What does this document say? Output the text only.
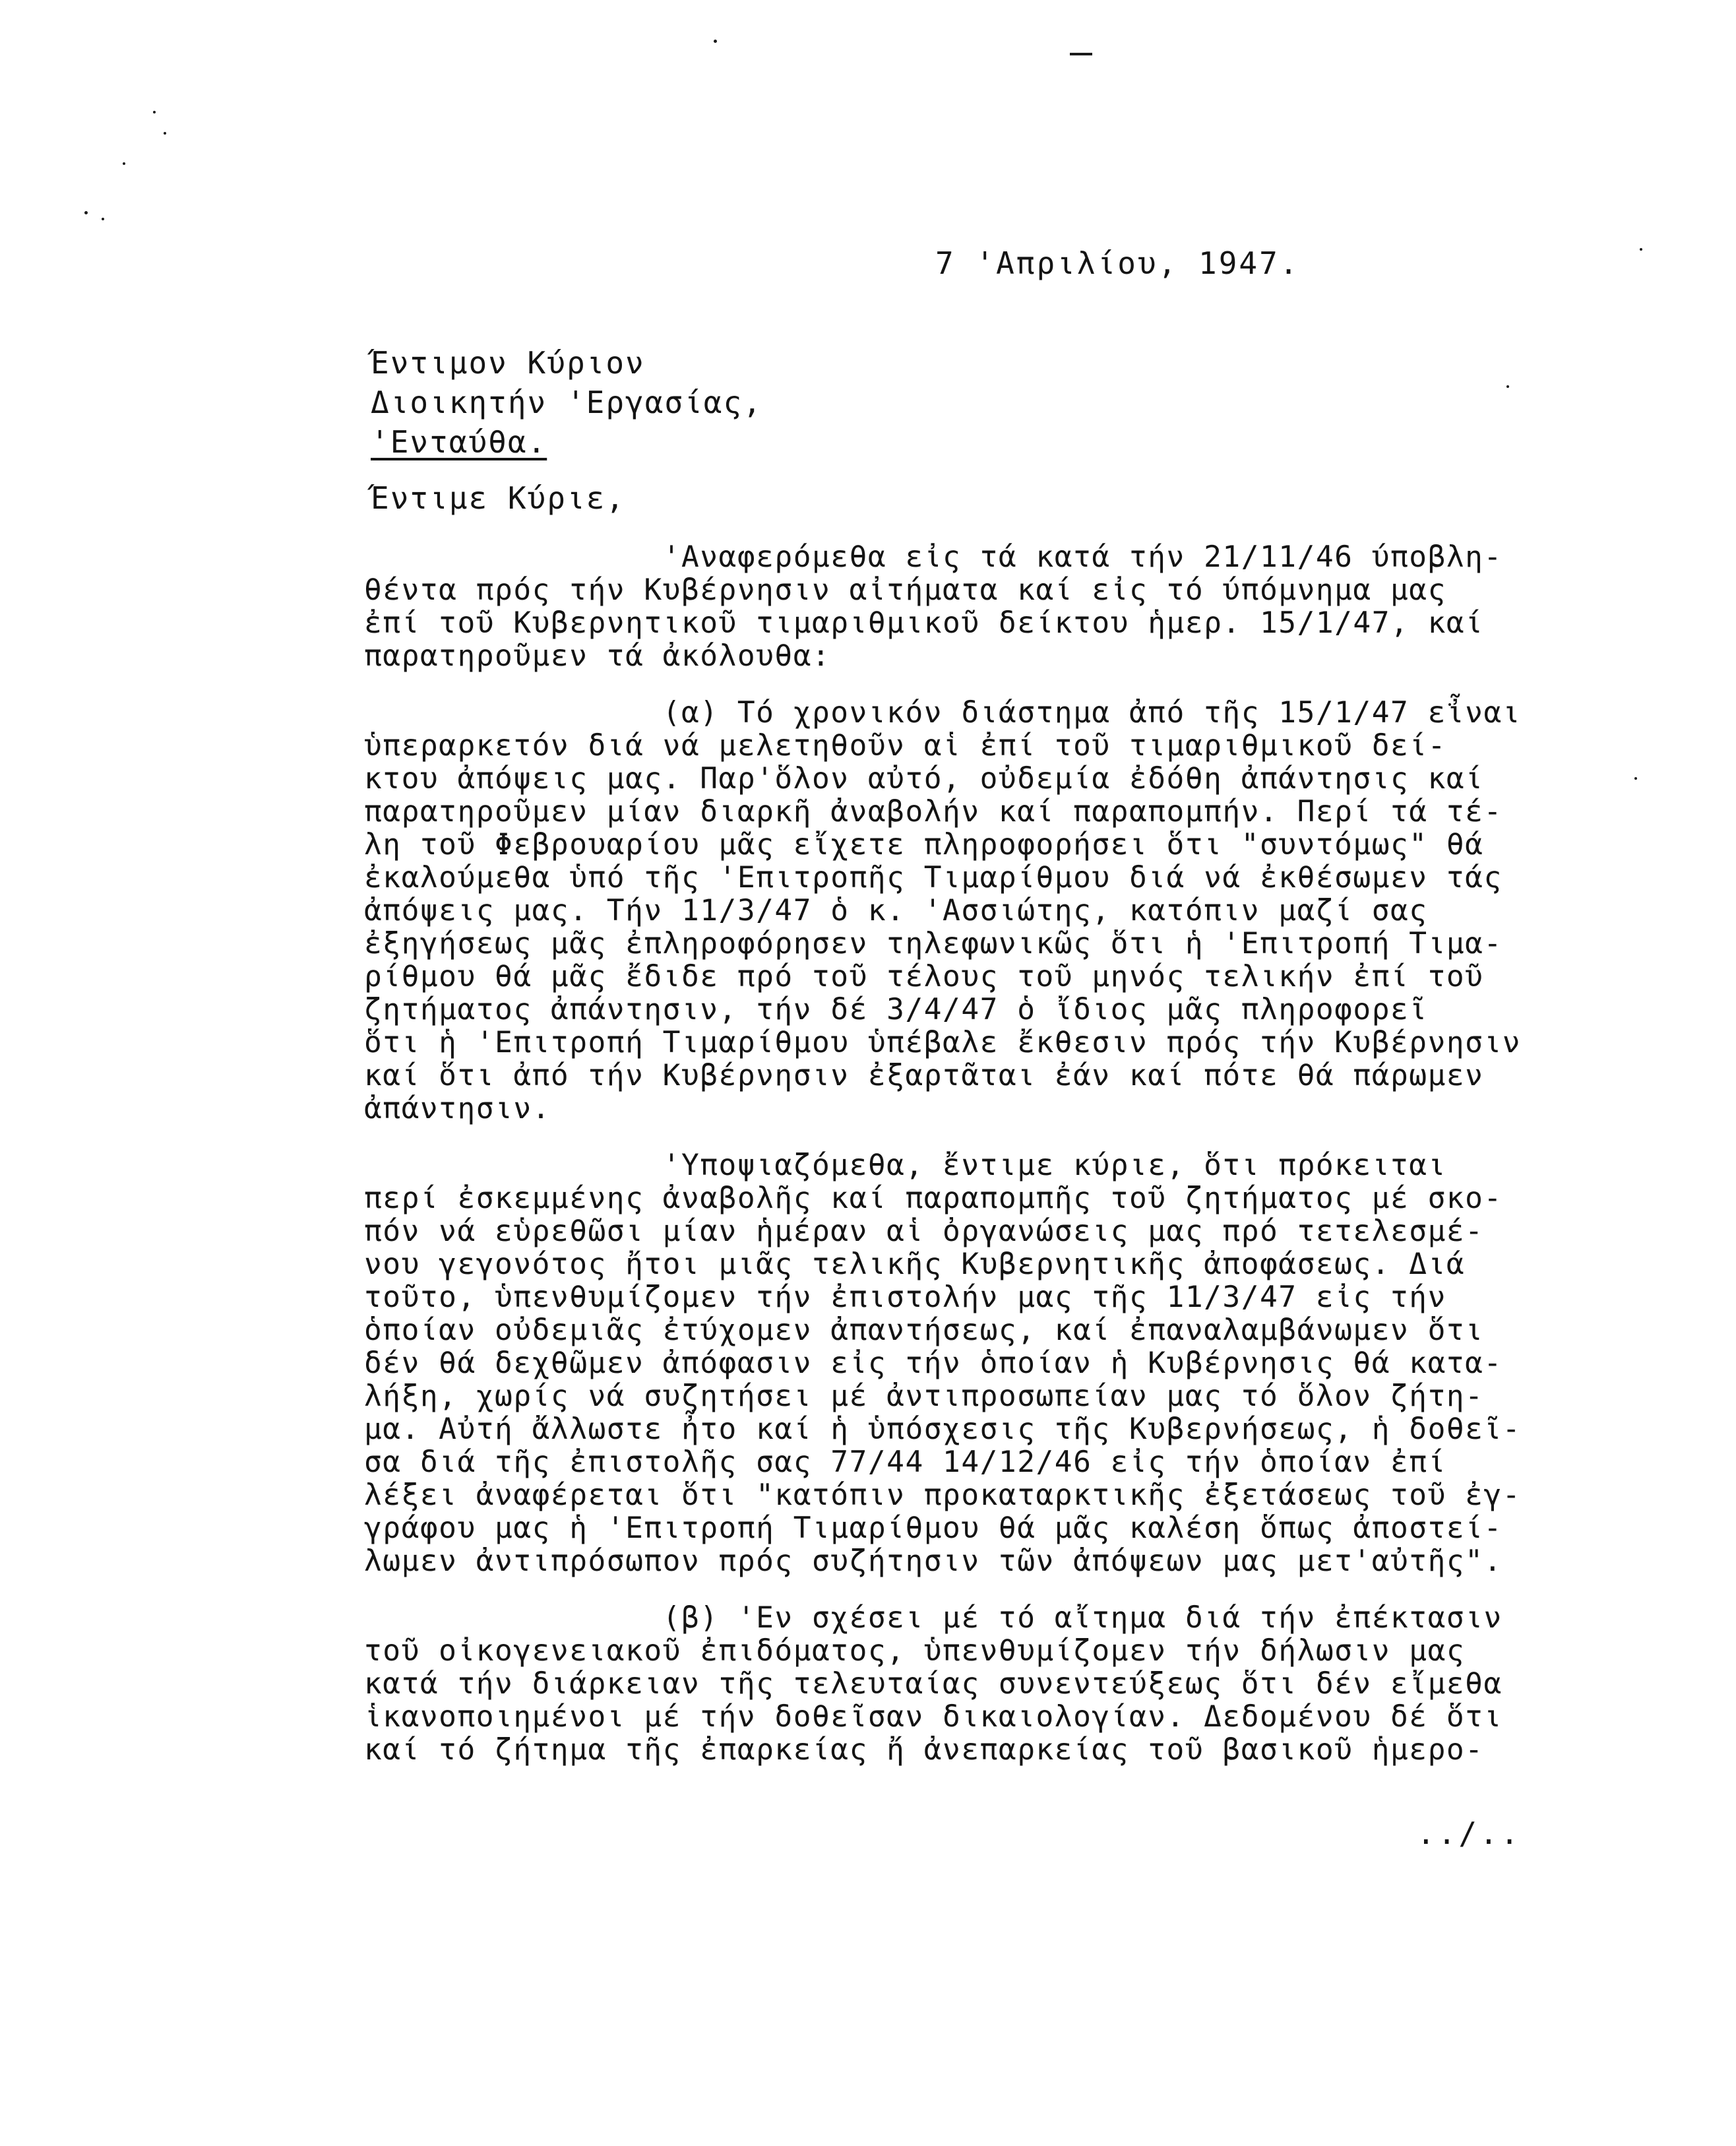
7 'Απριλίου, 1947.
Έντιμον Κύριον
Διοικητήν 'Εργασίας,
'Ενταύθα.
Έντιμε Κύριε,
'Αναφερόμεθα εἰς τά κατά τήν 21/11/46 ύποβλη-
θέντα πρός τήν Κυβέρνησιν αἰτήματα καί εἰς τό ύπόμνημα μας
ἐπί τοῦ Κυβερνητικοῦ τιμαριθμικοῦ δείκτου ἡμερ. 15/1/47, καί
παρατηροῦμεν τά ἀκόλουθα:
(α) Τό χρονικόν διάστημα ἀπό τῆς 15/1/47 εἶναι
ὑπεραρκετόν διά νά μελετηθοῦν αἱ ἐπί τοῦ τιμαριθμικοῦ δεί-
κτου ἀπόψεις μας. Παρ'ὅλον αὐτό, οὐδεμία ἐδόθη ἀπάντησις καί
παρατηροῦμεν μίαν διαρκῆ ἀναβολήν καί παραπομπήν. Περί τά τέ-
λη τοῦ Φεβρουαρίου μᾶς εἴχετε πληροφορήσει ὅτι "συντόμως" θά
ἐκαλούμεθα ὑπό τῆς 'Επιτροπῆς Τιμαρίθμου διά νά ἐκθέσωμεν τάς
ἀπόψεις μας. Τήν 11/3/47 ὁ κ. 'Ασσιώτης, κατόπιν μαζί σας
ἐξηγήσεως μᾶς ἐπληροφόρησεν τηλεφωνικῶς ὅτι ἡ 'Επιτροπή Τιμα-
ρίθμου θά μᾶς ἔδιδε πρό τοῦ τέλους τοῦ μηνός τελικήν ἐπί τοῦ
ζητήματος ἀπάντησιν, τήν δέ 3/4/47 ὁ ἴδιος μᾶς πληροφορεῖ
ὅτι ἡ 'Επιτροπή Τιμαρίθμου ὑπέβαλε ἔκθεσιν πρός τήν Κυβέρνησιν
καί ὅτι ἀπό τήν Κυβέρνησιν ἐξαρτᾶται ἐάν καί πότε θά πάρωμεν
ἀπάντησιν.
'Υποψιαζόμεθα, ἔντιμε κύριε, ὅτι πρόκειται
περί ἐσκεμμένης ἀναβολῆς καί παραπομπῆς τοῦ ζητήματος μέ σκο-
πόν νά εὑρεθῶσι μίαν ἡμέραν αἱ ὀργανώσεις μας πρό τετελεσμέ-
νου γεγονότος ἤτοι μιᾶς τελικῆς Κυβερνητικῆς ἀποφάσεως. Διά
τοῦτο, ὑπενθυμίζομεν τήν ἐπιστολήν μας τῆς 11/3/47 εἰς τήν
ὁποίαν οὐδεμιᾶς ἐτύχομεν ἀπαντήσεως, καί ἐπαναλαμβάνωμεν ὅτι
δέν θά δεχθῶμεν ἀπόφασιν εἰς τήν ὁποίαν ἡ Κυβέρνησις θά κατα-
λήξη, χωρίς νά συζητήσει μέ ἀντιπροσωπείαν μας τό ὅλον ζήτη-
μα. Αὐτή ἄλλωστε ἦτο καί ἡ ὑπόσχεσις τῆς Κυβερνήσεως, ἡ δοθεῖ-
σα διά τῆς ἐπιστολῆς σας 77/44 14/12/46 εἰς τήν ὁποίαν ἐπί
λέξει ἀναφέρεται ὅτι "κατόπιν προκαταρκτικῆς ἐξετάσεως τοῦ ἐγ-
γράφου μας ἡ 'Επιτροπή Τιμαρίθμου θά μᾶς καλέση ὅπως ἀποστεί-
λωμεν ἀντιπρόσωπον πρός συζήτησιν τῶν ἀπόψεων μας μετ'αὐτῆς".
(β) 'Εν σχέσει μέ τό αἴτημα διά τήν ἐπέκτασιν
τοῦ οἰκογενειακοῦ ἐπιδόματος, ὑπενθυμίζομεν τήν δήλωσιν μας
κατά τήν διάρκειαν τῆς τελευταίας συνεντεύξεως ὅτι δέν εἴμεθα
ἱκανοποιημένοι μέ τήν δοθεῖσαν δικαιολογίαν. Δεδομένου δέ ὅτι
καί τό ζήτημα τῆς ἐπαρκείας ἤ ἀνεπαρκείας τοῦ βασικοῦ ἡμερο-
../..
